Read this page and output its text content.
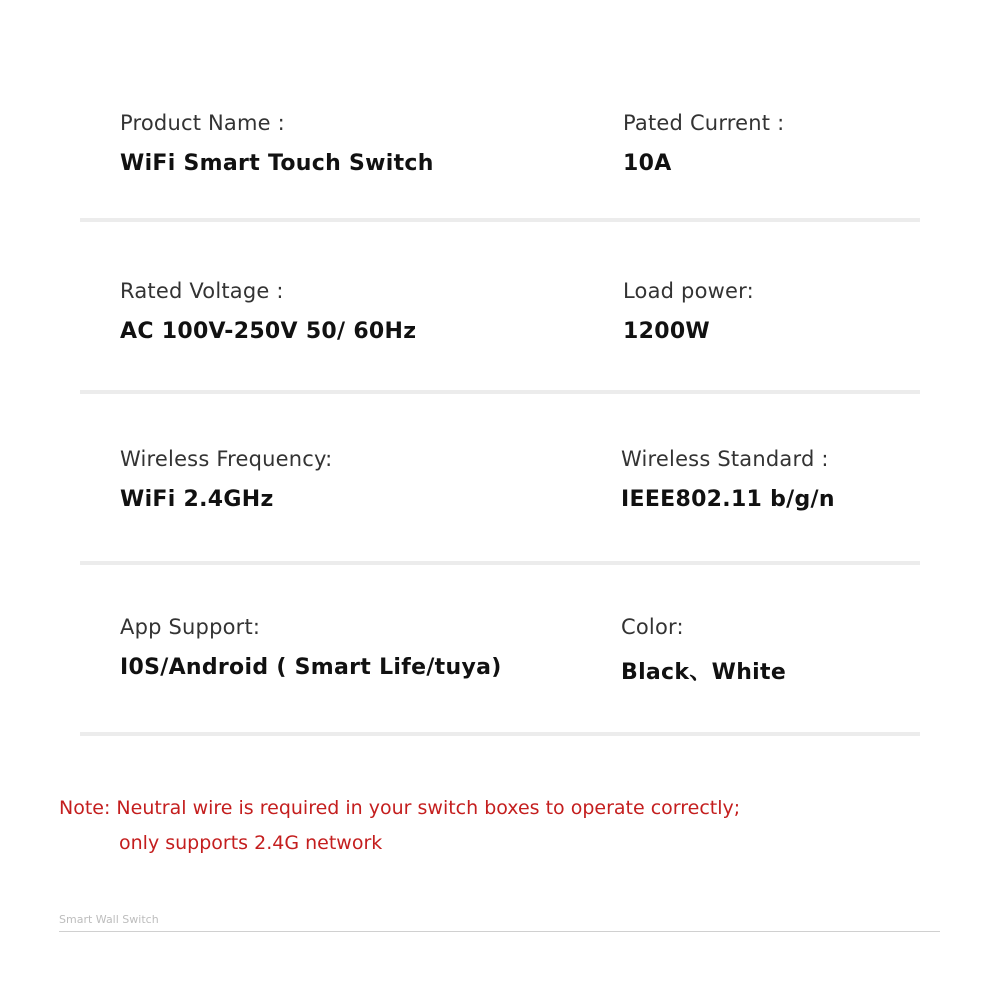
Product Name :
WiFi Smart Touch Switch
Pated Current :
10A
Rated Voltage :
AC 100V-250V 50/ 60Hz
Load power:
1200W
Wireless Frequency:
WiFi 2.4GHz
Wireless Standard :
IEEE802.11 b/g/n
App Support:
I0S/Android ( Smart Life/tuya)
Color:
Black、White
Note: Neutral wire is required in your switch boxes to operate correctly;
only supports 2.4G network
Smart Wall Switch
